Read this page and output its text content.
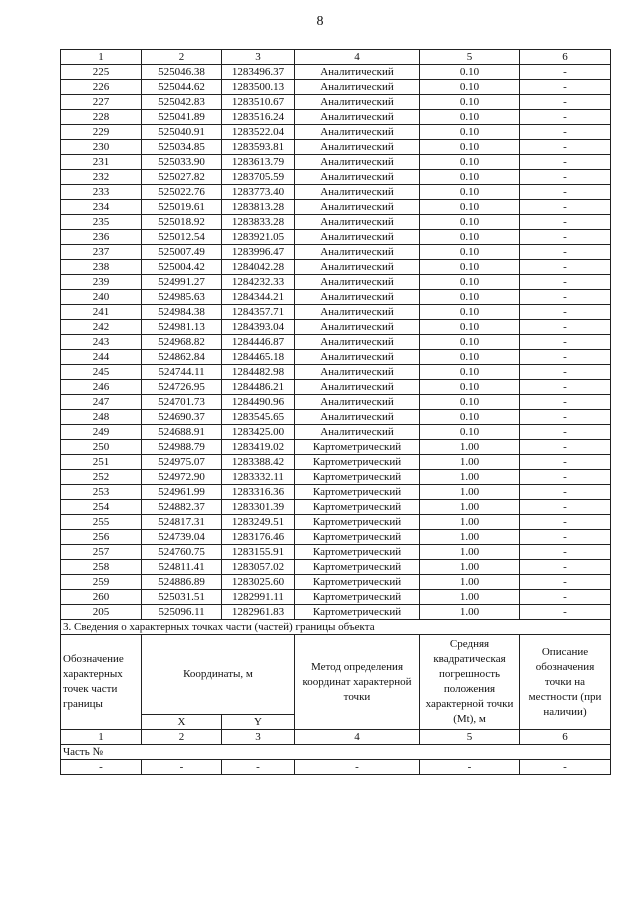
8
1	2	3	4	5	6
225	525046.38	1283496.37	Аналитический	0.10	-
226	525044.62	1283500.13	Аналитический	0.10	-
227	525042.83	1283510.67	Аналитический	0.10	-
228	525041.89	1283516.24	Аналитический	0.10	-
229	525040.91	1283522.04	Аналитический	0.10	-
230	525034.85	1283593.81	Аналитический	0.10	-
231	525033.90	1283613.79	Аналитический	0.10	-
232	525027.82	1283705.59	Аналитический	0.10	-
233	525022.76	1283773.40	Аналитический	0.10	-
234	525019.61	1283813.28	Аналитический	0.10	-
235	525018.92	1283833.28	Аналитический	0.10	-
236	525012.54	1283921.05	Аналитический	0.10	-
237	525007.49	1283996.47	Аналитический	0.10	-
238	525004.42	1284042.28	Аналитический	0.10	-
239	524991.27	1284232.33	Аналитический	0.10	-
240	524985.63	1284344.21	Аналитический	0.10	-
241	524984.38	1284357.71	Аналитический	0.10	-
242	524981.13	1284393.04	Аналитический	0.10	-
243	524968.82	1284446.87	Аналитический	0.10	-
244	524862.84	1284465.18	Аналитический	0.10	-
245	524744.11	1284482.98	Аналитический	0.10	-
246	524726.95	1284486.21	Аналитический	0.10	-
247	524701.73	1284490.96	Аналитический	0.10	-
248	524690.37	1283545.65	Аналитический	0.10	-
249	524688.91	1283425.00	Аналитический	0.10	-
250	524988.79	1283419.02	Картометрический	1.00	-
251	524975.07	1283388.42	Картометрический	1.00	-
252	524972.90	1283332.11	Картометрический	1.00	-
253	524961.99	1283316.36	Картометрический	1.00	-
254	524882.37	1283301.39	Картометрический	1.00	-
255	524817.31	1283249.51	Картометрический	1.00	-
256	524739.04	1283176.46	Картометрический	1.00	-
257	524760.75	1283155.91	Картометрический	1.00	-
258	524811.41	1283057.02	Картометрический	1.00	-
259	524886.89	1283025.60	Картометрический	1.00	-
260	525031.51	1282991.11	Картометрический	1.00	-
205	525096.11	1282961.83	Картометрический	1.00	-
3. Сведения о характерных точках части (частей) границы объекта					
Обозначение характерных точек части границы	Координаты, м		Метод определения координат характерной точки	Средняя квадратическая погрешность положения характерной точки (Mt), м	Описание обозначения точки на местности (при наличии)
	X	Y			
1	2	3	4	5	6
Часть №					
-	-	-	-	-	-
